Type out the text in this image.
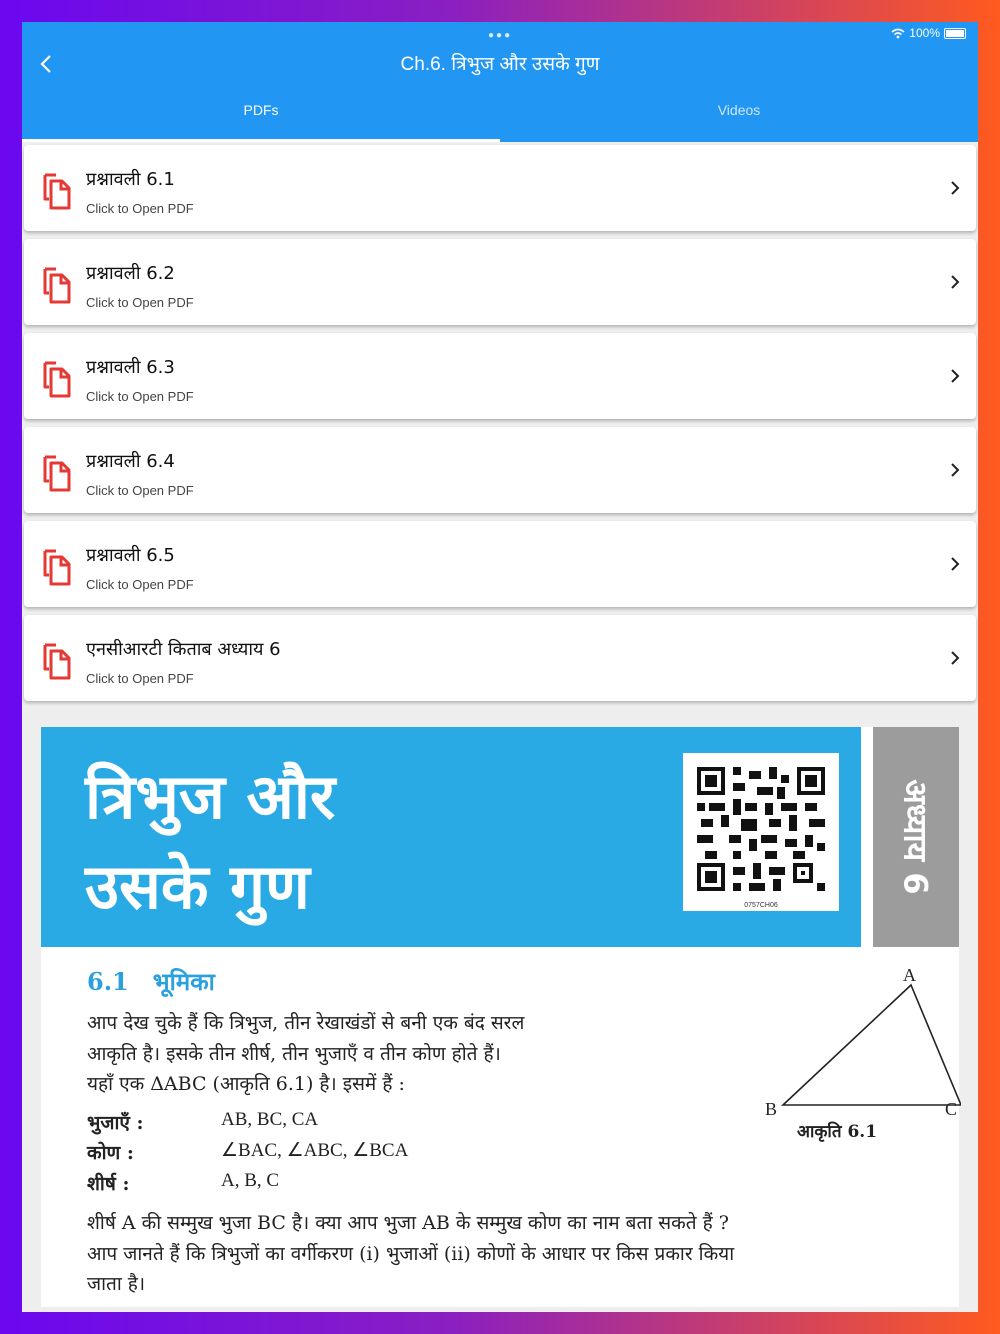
●●●	100%
Ch.6. त्रिभुज और उसके गुण
PDFs	Videos
प्रश्नावली 6.1
Click to Open PDF
प्रश्नावली 6.2
Click to Open PDF
प्रश्नावली 6.3
Click to Open PDF
प्रश्नावली 6.4
Click to Open PDF
प्रश्नावली 6.5
Click to Open PDF
एनसीआरटी किताब अध्याय 6
Click to Open PDF
त्रिभुज और
उसके गुण	0757CH06
अध्याय 6
6.1 भूमिका
आप देख चुके हैं कि त्रिभुज, तीन रेखाखंडों से बनी एक बंद सरल
आकृति है। इसके तीन शीर्ष, तीन भुजाएँ व तीन कोण होते हैं।
यहाँ एक ΔABC (आकृति 6.1) है। इसमें हैं :
भुजाएँ :	AB, BC, CA
कोण :	∠BAC, ∠ABC, ∠BCA
शीर्ष :	A, B, C
शीर्ष A की सम्मुख भुजा BC है। क्या आप भुजा AB के सम्मुख कोण का नाम बता सकते हैं ?
आप जानते हैं कि त्रिभुजों का वर्गीकरण (i) भुजाओं (ii) कोणों के आधार पर किस प्रकार किया
जाता है।
A
B	C
आकृति 6.1
